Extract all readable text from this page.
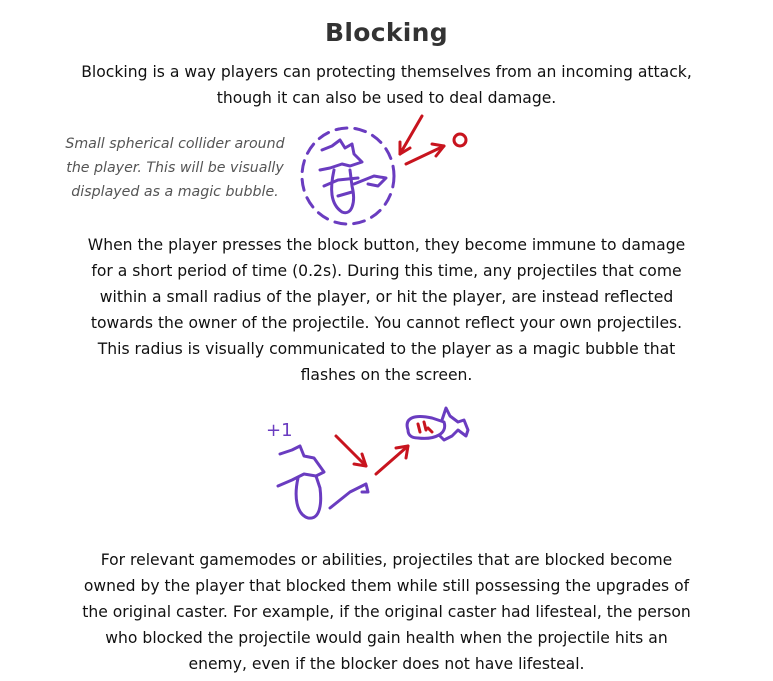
Blocking
Blocking is a way players can protecting themselves from an incoming attack,
though it can also be used to deal damage.
Small spherical collider around
the player. This will be visually
displayed as a magic bubble.
When the player presses the block button, they become immune to damage
for a short period of time (0.2s). During this time, any projectiles that come
within a small radius of the player, or hit the player, are instead reflected
towards the owner of the projectile. You cannot reflect your own projectiles.
This radius is visually communicated to the player as a magic bubble that
flashes on the screen.
+1
For relevant gamemodes or abilities, projectiles that are blocked become
owned by the player that blocked them while still possessing the upgrades of
the original caster. For example, if the original caster had lifesteal, the person
who blocked the projectile would gain health when the projectile hits an
enemy, even if the blocker does not have lifesteal.
